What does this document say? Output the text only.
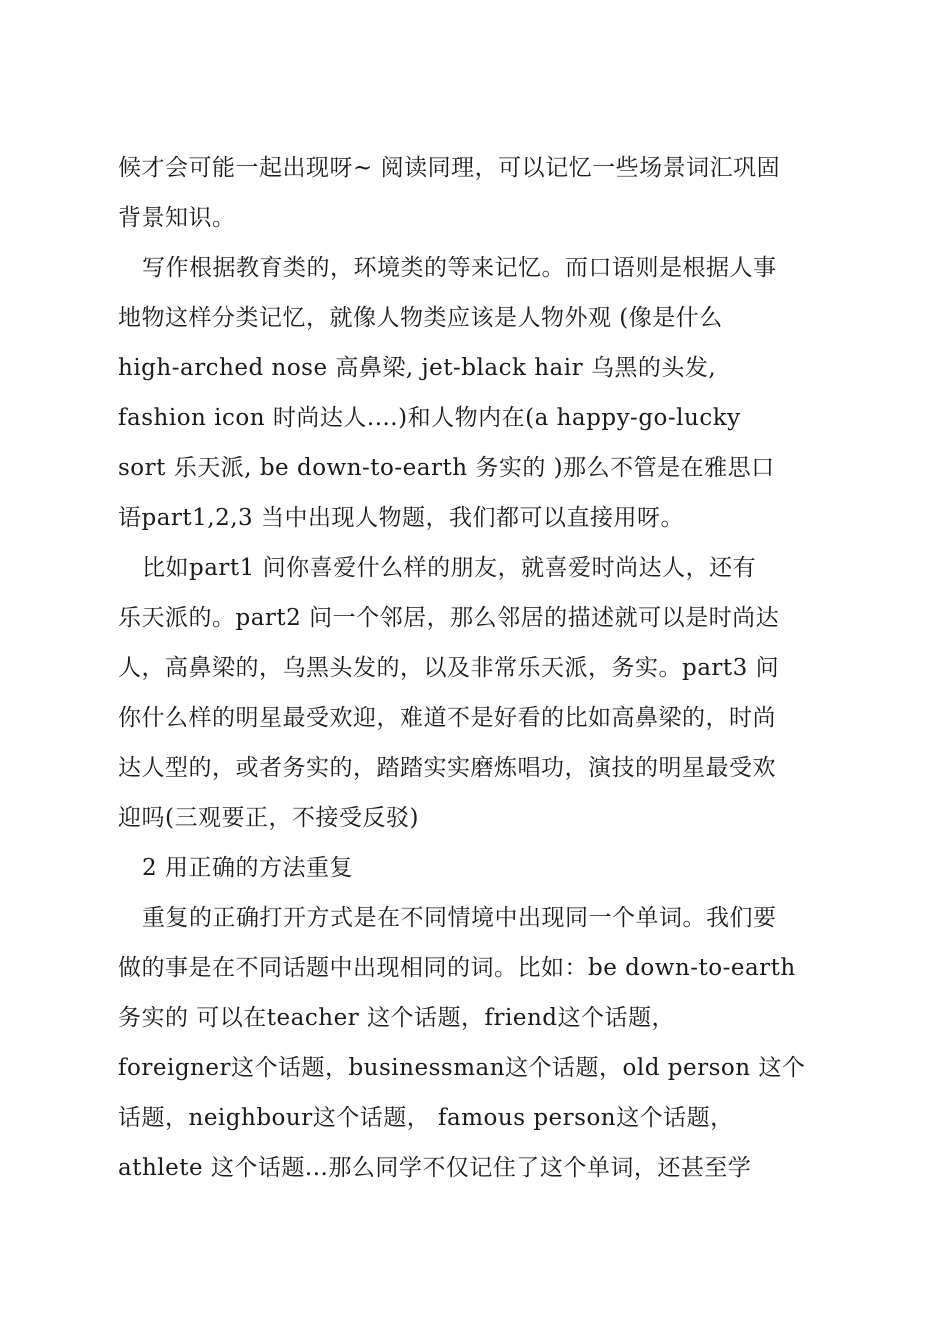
候才会可能一起出现呀~ 阅读同理，可以记忆一些场景词汇巩固
背景知识。
写作根据教育类的，环境类的等来记忆。而口语则是根据人事
地物这样分类记忆，就像人物类应该是人物外观 (像是什么
high-arched nose 高鼻梁, jet-black hair 乌黑的头发,
fashion icon 时尚达人....)和人物内在(a happy-go-lucky
sort 乐天派, be down-to-earth 务实的 )那么不管是在雅思口
语part1,2,3 当中出现人物题，我们都可以直接用呀。
比如part1 问你喜爱什么样的朋友，就喜爱时尚达人，还有
乐天派的。part2 问一个邻居，那么邻居的描述就可以是时尚达
人，高鼻梁的，乌黑头发的，以及非常乐天派，务实。part3 问
你什么样的明星最受欢迎，难道不是好看的比如高鼻梁的，时尚
达人型的，或者务实的，踏踏实实磨炼唱功，演技的明星最受欢
迎吗(三观要正，不接受反驳)
2 用正确的方法重复
重复的正确打开方式是在不同情境中出现同一个单词。我们要
做的事是在不同话题中出现相同的词。比如：be down-to-earth
务实的 可以在teacher 这个话题，friend这个话题，
foreigner这个话题，businessman这个话题，old person 这个
话题，neighbour这个话题， famous person这个话题，
athlete 这个话题...那么同学不仅记住了这个单词，还甚至学
